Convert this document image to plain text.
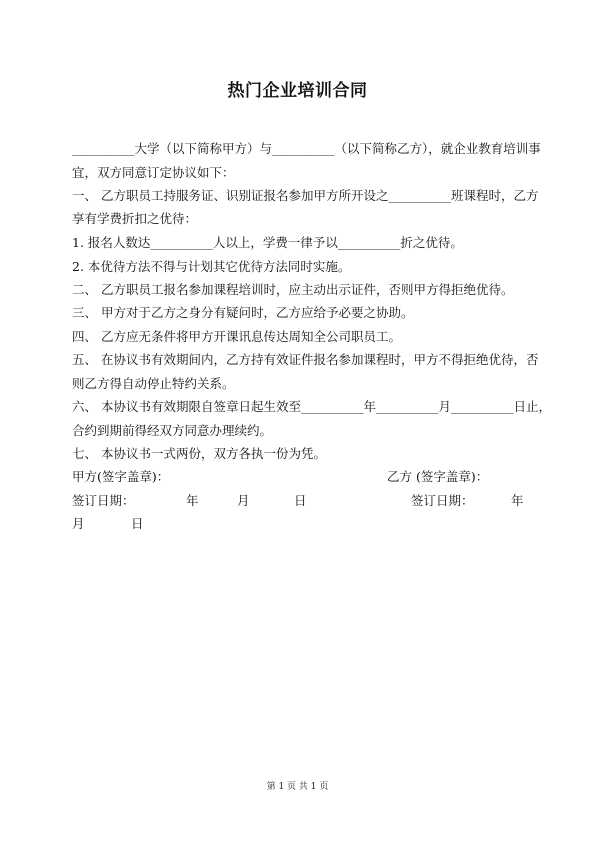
热门企业培训合同
__________大学（以下简称甲方）与__________（以下简称乙方），就企业教育培训事
宜，双方同意订定协议如下：
一、 乙方职员工持服务证、识别证报名参加甲方所开设之__________班课程时，乙方
享有学费折扣之优待：
1. 报名人数达__________人以上，学费一律予以__________折之优待。
2. 本优待方法不得与计划其它优待方法同时实施。
二、 乙方职员工报名参加课程培训时，应主动出示证件，否则甲方得拒绝优待。
三、 甲方对于乙方之身分有疑问时，乙方应给予必要之协助。
四、 乙方应无条件将甲方开课讯息传达周知全公司职员工。
五、 在协议书有效期间内，乙方持有效证件报名参加课程时，甲方不得拒绝优待，否
则乙方得自动停止特约关系。
六、 本协议书有效期限自签章日起生效至__________年__________月__________日止，
合约到期前得经双方同意办理续约。
七、 本协议书一式两份，双方各执一份为凭。
甲方(签字盖章)：	乙方 (签字盖章)：
签订日期：	年	月	日	签订日期：	年
月	日
第 1 页 共 1 页
